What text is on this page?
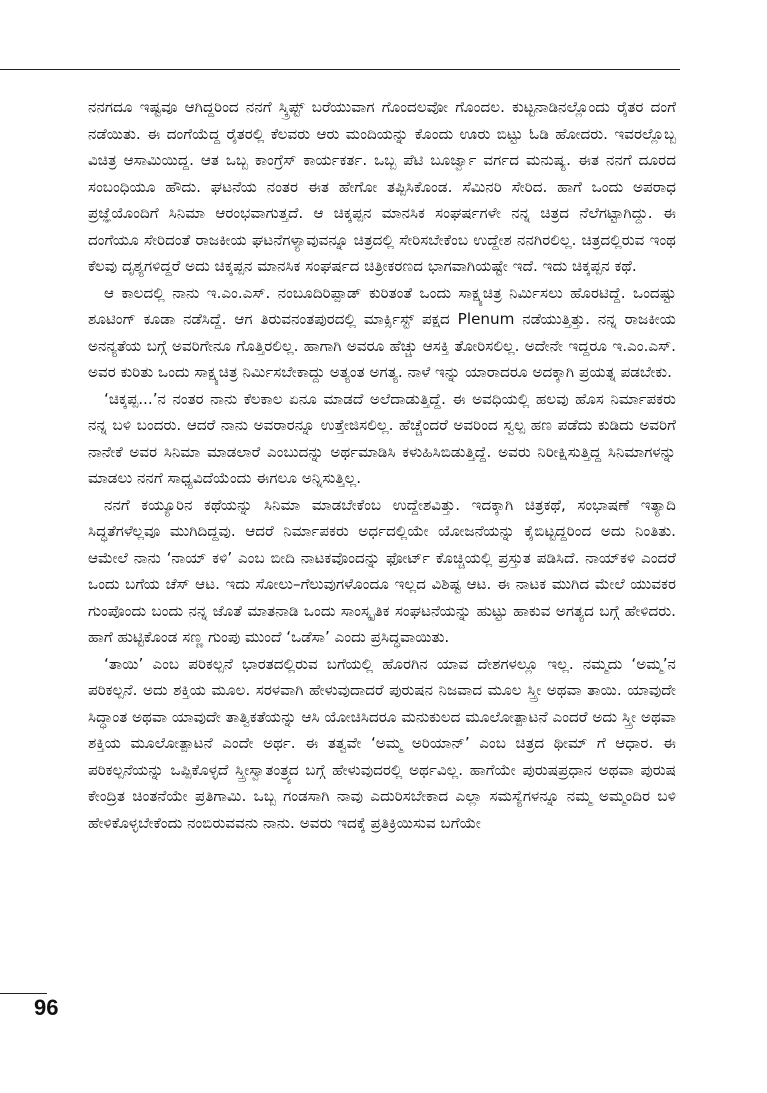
ನನಗದೂ ಇಷ್ಟವೂ ಆಗಿದ್ದರಿಂದ ನನಗೆ ಸ್ಕ್ರಿಪ್ಟ್ ಬರೆಯುವಾಗ ಗೊಂದಲವೋ ಗೊಂದಲ. ಕುಟ್ಟನಾಡಿನಲ್ಲೊಂದು ರೈತರ ದಂಗೆ ನಡೆಯಿತು. ಈ ದಂಗೆಯೆದ್ದ ರೈತರಲ್ಲಿ ಕೆಲವರು ಆರು ಮಂದಿಯನ್ನು ಕೊಂದು ಊರು ಬಿಟ್ಟು ಓಡಿ ಹೋದರು. ಇವರಲ್ಲೊಬ್ಬ ವಿಚಿತ್ರ ಆಸಾಮಿಯಿದ್ದ. ಆತ ಒಬ್ಬ ಕಾಂಗ್ರೆಸ್ ಕಾರ್ಯಕರ್ತ. ಒಬ್ಬ ಪೆಟಿ ಬೂರ್ಜ್ವಾ ವರ್ಗದ ಮನುಷ್ಯ. ಈತ ನನಗೆ ದೂರದ ಸಂಬಂಧಿಯೂ ಹೌದು. ಘಟನೆಯ ನಂತರ ಈತ ಹೇಗೋ ತಪ್ಪಿಸಿಕೊಂಡ. ಸೆಮಿನರಿ ಸೇರಿದ. ಹಾಗೆ ಒಂದು ಅಪರಾಧ ಪ್ರಜ್ಞೆಯೊಂದಿಗೆ ಸಿನಿಮಾ ಆರಂಭವಾಗುತ್ತದೆ. ಆ ಚಿಕ್ಕಪ್ಪನ ಮಾನಸಿಕ ಸಂಘರ್ಷಗಳೇ ನನ್ನ ಚಿತ್ರದ ನೆಲೆಗಟ್ಟಾಗಿದ್ದು. ಈ ದಂಗೆಯೂ ಸೇರಿದಂತೆ ರಾಜಕೀಯ ಘಟನೆಗಳ್ಯಾವುವನ್ನೂ ಚಿತ್ರದಲ್ಲಿ ಸೇರಿಸಬೇಕೆಂಬ ಉದ್ದೇಶ ನನಗಿರಲಿಲ್ಲ. ಚಿತ್ರದಲ್ಲಿರುವ ಇಂಥ ಕೆಲವು ದೃಶ್ಯಗಳಿದ್ದರೆ ಅದು ಚಿಕ್ಕಪ್ಪನ ಮಾನಸಿಕ ಸಂಘರ್ಷದ ಚಿತ್ರೀಕರಣದ ಭಾಗವಾಗಿಯಷ್ಟೇ ಇದೆ. ಇದು ಚಿಕ್ಕಪ್ಪನ ಕಥೆ.

ಆ ಕಾಲದಲ್ಲಿ ನಾನು ಇ.ಎಂ.ಎಸ್. ನಂಬೂದಿರಿಪ್ಪಾಡ್ ಕುರಿತಂತೆ ಒಂದು ಸಾಕ್ಷ್ಯಚಿತ್ರ ನಿರ್ಮಿಸಲು ಹೊರಟಿದ್ದೆ. ಒಂದಷ್ಟು ಶೂಟಿಂಗ್ ಕೂಡಾ ನಡೆಸಿದ್ದೆ. ಆಗ ತಿರುವನಂತಪುರದಲ್ಲಿ ಮಾರ್ಕ್ಸಿಸ್ಟ್ ಪಕ್ಷದ Plenum ನಡೆಯುತ್ತಿತ್ತು. ನನ್ನ ರಾಜಕೀಯ ಅನನ್ಯತೆಯ ಬಗ್ಗೆ ಅವರಿಗೇನೂ ಗೊತ್ತಿರಲಿಲ್ಲ. ಹಾಗಾಗಿ ಅವರೂ ಹೆಚ್ಚು ಆಸಕ್ತಿ ತೋರಿಸಲಿಲ್ಲ. ಅದೇನೇ ಇದ್ದರೂ ಇ.ಎಂ.ಎಸ್. ಅವರ ಕುರಿತು ಒಂದು ಸಾಕ್ಷ್ಯಚಿತ್ರ ನಿರ್ಮಿಸಬೇಕಾದ್ದು ಅತ್ಯಂತ ಅಗತ್ಯ. ನಾಳೆ ಇನ್ನು ಯಾರಾದರೂ ಅದಕ್ಕಾಗಿ ಪ್ರಯತ್ನ ಪಡಬೇಕು.

‘ಚಿಕ್ಕಪ್ಪ...’ನ ನಂತರ ನಾನು ಕೆಲಕಾಲ ಏನೂ ಮಾಡದೆ ಅಲೆದಾಡುತ್ತಿದ್ದೆ. ಈ ಅವಧಿಯಲ್ಲಿ ಹಲವು ಹೊಸ ನಿರ್ಮಾಪಕರು ನನ್ನ ಬಳಿ ಬಂದರು. ಆದರೆ ನಾನು ಅವರಾರನ್ನೂ ಉತ್ತೇಜಿಸಲಿಲ್ಲ. ಹೆಚ್ಚೆಂದರೆ ಅವರಿಂದ ಸ್ವಲ್ಪ ಹಣ ಪಡೆದು ಕುಡಿದು ಅವರಿಗೆ ನಾನೇಕೆ ಅವರ ಸಿನಿಮಾ ಮಾಡಲಾರೆ ಎಂಬುದನ್ನು ಅರ್ಥಮಾಡಿಸಿ ಕಳುಹಿಸಿಬಿಡುತ್ತಿದ್ದೆ. ಅವರು ನಿರೀಕ್ಷಿಸುತ್ತಿದ್ದ ಸಿನಿಮಾಗಳನ್ನು ಮಾಡಲು ನನಗೆ ಸಾಧ್ಯವಿದೆಯೆಂದು ಈಗಲೂ ಅನ್ನಿಸುತ್ತಿಲ್ಲ.

ನನಗೆ ಕಯ್ಯೂರಿನ ಕಥೆಯನ್ನು ಸಿನಿಮಾ ಮಾಡಬೇಕೆಂಬ ಉದ್ದೇಶವಿತ್ತು. ಇದಕ್ಕಾಗಿ ಚಿತ್ರಕಥೆ, ಸಂಭಾಷಣೆ ಇತ್ಯಾದಿ ಸಿದ್ಧತೆಗಳೆಲ್ಲವೂ ಮುಗಿದಿದ್ದವು. ಆದರೆ ನಿರ್ಮಾಪಕರು ಅರ್ಧದಲ್ಲಿಯೇ ಯೋಜನೆಯನ್ನು ಕೈಬಿಟ್ಟದ್ದರಿಂದ ಅದು ನಿಂತಿತು. ಆಮೇಲೆ ನಾನು ‘ನಾಯ್ ಕಳಿ’ ಎಂಬ ಬೀದಿ ನಾಟಕವೊಂದನ್ನು ಫೋರ್ಟ್ ಕೊಚ್ಚಿಯಲ್ಲಿ ಪ್ರಸ್ತುತ ಪಡಿಸಿದೆ. ನಾಯ್‌ಕಳಿ ಎಂದರೆ ಒಂದು ಬಗೆಯ ಚೆಸ್ ಆಟ. ಇದು ಸೋಲು–ಗೆಲುವುಗಳೊಂದೂ ಇಲ್ಲದ ವಿಶಿಷ್ಟ ಆಟ. ಈ ನಾಟಕ ಮುಗಿದ ಮೇಲೆ ಯುವಕರ ಗುಂಪೊಂದು ಬಂದು ನನ್ನ ಜೊತೆ ಮಾತನಾಡಿ ಒಂದು ಸಾಂಸ್ಕೃತಿಕ ಸಂಘಟನೆಯನ್ನು ಹುಟ್ಟು ಹಾಕುವ ಅಗತ್ಯದ ಬಗ್ಗೆ ಹೇಳಿದರು. ಹಾಗೆ ಹುಟ್ಟಿಕೊಂಡ ಸಣ್ಣ ಗುಂಪು ಮುಂದೆ ‘ಒಡೆಸಾ’ ಎಂದು ಪ್ರಸಿದ್ಧವಾಯಿತು.

‘ತಾಯಿ’ ಎಂಬ ಪರಿಕಲ್ಪನೆ ಭಾರತದಲ್ಲಿರುವ ಬಗೆಯಲ್ಲಿ ಹೊರಗಿನ ಯಾವ ದೇಶಗಳಲ್ಲೂ ಇಲ್ಲ. ನಮ್ಮದು ‘ಅಮ್ಮ’ನ ಪರಿಕಲ್ಪನೆ. ಅದು ಶಕ್ತಿಯ ಮೂಲ. ಸರಳವಾಗಿ ಹೇಳುವುದಾದರೆ ಪುರುಷನ ನಿಜವಾದ ಮೂಲ ಸ್ತ್ರೀ ಅಥವಾ ತಾಯಿ. ಯಾವುದೇ ಸಿದ್ಧಾಂತ ಅಥವಾ ಯಾವುದೇ ತಾತ್ವಿಕತೆಯನ್ನು ಆಸಿ ಯೋಚಿಸಿದರೂ ಮನುಕುಲದ ಮೂಲೋತ್ಪಾಟನೆ ಎಂದರೆ ಅದು ಸ್ತ್ರೀ ಅಥವಾ ಶಕ್ತಿಯ ಮೂಲೋತ್ಪಾಟನೆ ಎಂದೇ ಅರ್ಥ. ಈ ತತ್ವವೇ ‘ಅಮ್ಮ ಅರಿಯಾನ್’ ಎಂಬ ಚಿತ್ರದ ಥೀಮ್ ಗೆ ಆಧಾರ. ಈ ಪರಿಕಲ್ಪನೆಯನ್ನು ಒಪ್ಪಿಕೊಳ್ಳದೆ ಸ್ತ್ರೀಸ್ವಾತಂತ್ರ್ಯದ ಬಗ್ಗೆ ಹೇಳುವುದರಲ್ಲಿ ಅರ್ಥವಿಲ್ಲ. ಹಾಗೆಯೇ ಪುರುಷಪ್ರಧಾನ ಅಥವಾ ಪುರುಷ ಕೇಂದ್ರಿತ ಚಿಂತನೆಯೇ ಪ್ರತಿಗಾಮಿ. ಒಬ್ಬ ಗಂಡಸಾಗಿ ನಾವು ಎದುರಿಸಬೇಕಾದ ಎಲ್ಲಾ ಸಮಸ್ಯೆಗಳನ್ನೂ ನಮ್ಮ ಅಮ್ಮಂದಿರ ಬಳಿ ಹೇಳಿಕೊಳ್ಳಬೇಕೆಂದು ನಂಬಿರುವವನು ನಾನು. ಅವರು ಇದಕ್ಕೆ ಪ್ರತಿಕ್ರಿಯಿಸುವ ಬಗೆಯೇ

96
